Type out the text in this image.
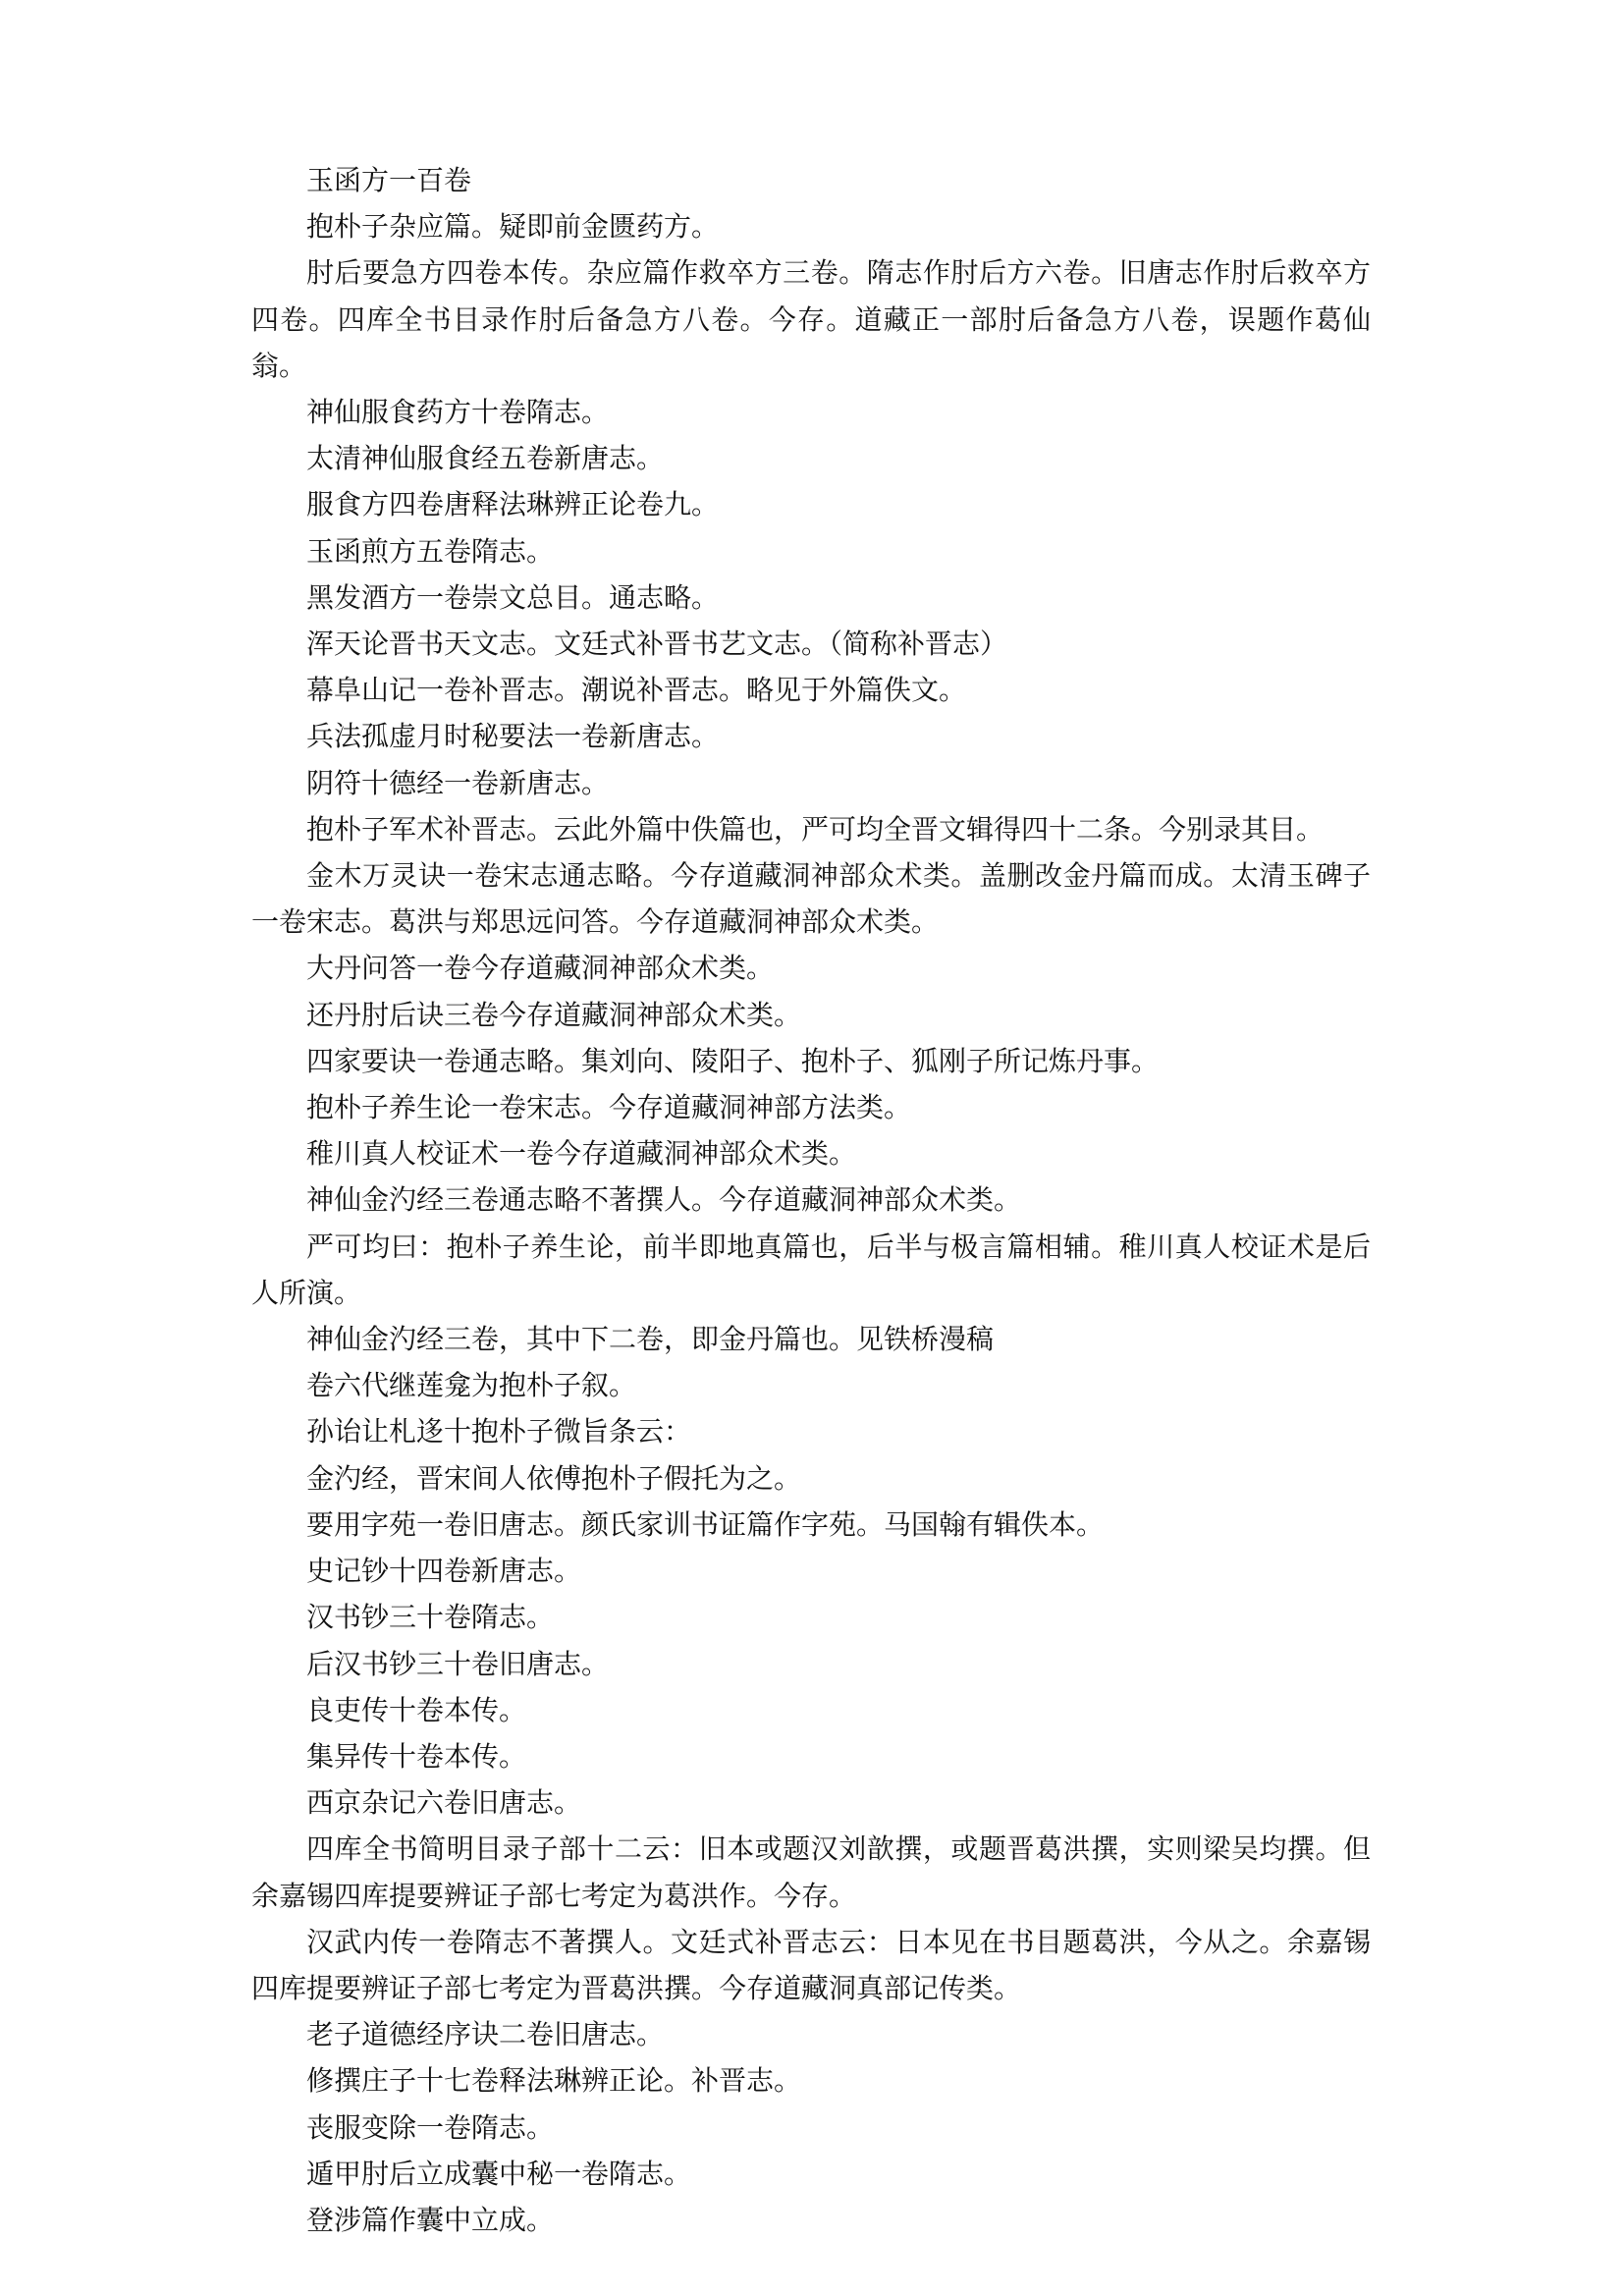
玉函方一百卷

抱朴子杂应篇。疑即前金匮药方。

肘后要急方四卷本传。杂应篇作救卒方三卷。隋志作肘后方六卷。旧唐志作肘后救卒方四卷。四库全书目录作肘后备急方八卷。今存。道藏正一部肘后备急方八卷，误题作葛仙翁。

神仙服食药方十卷隋志。

太清神仙服食经五卷新唐志。

服食方四卷唐释法琳辨正论卷九。

玉函煎方五卷隋志。

黑发酒方一卷崇文总目。通志略。

浑天论晋书天文志。文廷式补晋书艺文志。（简称补晋志）

幕阜山记一卷补晋志。潮说补晋志。略见于外篇佚文。

兵法孤虚月时秘要法一卷新唐志。

阴符十德经一卷新唐志。

抱朴子军术补晋志。云此外篇中佚篇也，严可均全晋文辑得四十二条。今别录其目。

金木万灵诀一卷宋志通志略。今存道藏洞神部众术类。盖删改金丹篇而成。太清玉碑子一卷宋志。葛洪与郑思远问答。今存道藏洞神部众术类。

大丹问答一卷今存道藏洞神部众术类。

还丹肘后诀三卷今存道藏洞神部众术类。

四家要诀一卷通志略。集刘向、陵阳子、抱朴子、狐刚子所记炼丹事。

抱朴子养生论一卷宋志。今存道藏洞神部方法类。

稚川真人校证术一卷今存道藏洞神部众术类。

神仙金汋经三卷通志略不著撰人。今存道藏洞神部众术类。

严可均曰：抱朴子养生论，前半即地真篇也，后半与极言篇相辅。稚川真人校证术是后人所演。

神仙金汋经三卷，其中下二卷，即金丹篇也。见铁桥漫稿

卷六代继莲龛为抱朴子叙。

孙诒让札迻十抱朴子微旨条云：

金汋经，晋宋间人依傅抱朴子假托为之。

要用字苑一卷旧唐志。颜氏家训书证篇作字苑。马国翰有辑佚本。

史记钞十四卷新唐志。

汉书钞三十卷隋志。

后汉书钞三十卷旧唐志。

良吏传十卷本传。

集异传十卷本传。

西京杂记六卷旧唐志。

四库全书简明目录子部十二云：旧本或题汉刘歆撰，或题晋葛洪撰，实则梁吴均撰。但余嘉锡四库提要辨证子部七考定为葛洪作。今存。

汉武内传一卷隋志不著撰人。文廷式补晋志云：日本见在书目题葛洪，今从之。余嘉锡四库提要辨证子部七考定为晋葛洪撰。今存道藏洞真部记传类。

老子道德经序诀二卷旧唐志。

修撰庄子十七卷释法琳辨正论。补晋志。

丧服变除一卷隋志。

遁甲肘后立成囊中秘一卷隋志。

登涉篇作囊中立成。
